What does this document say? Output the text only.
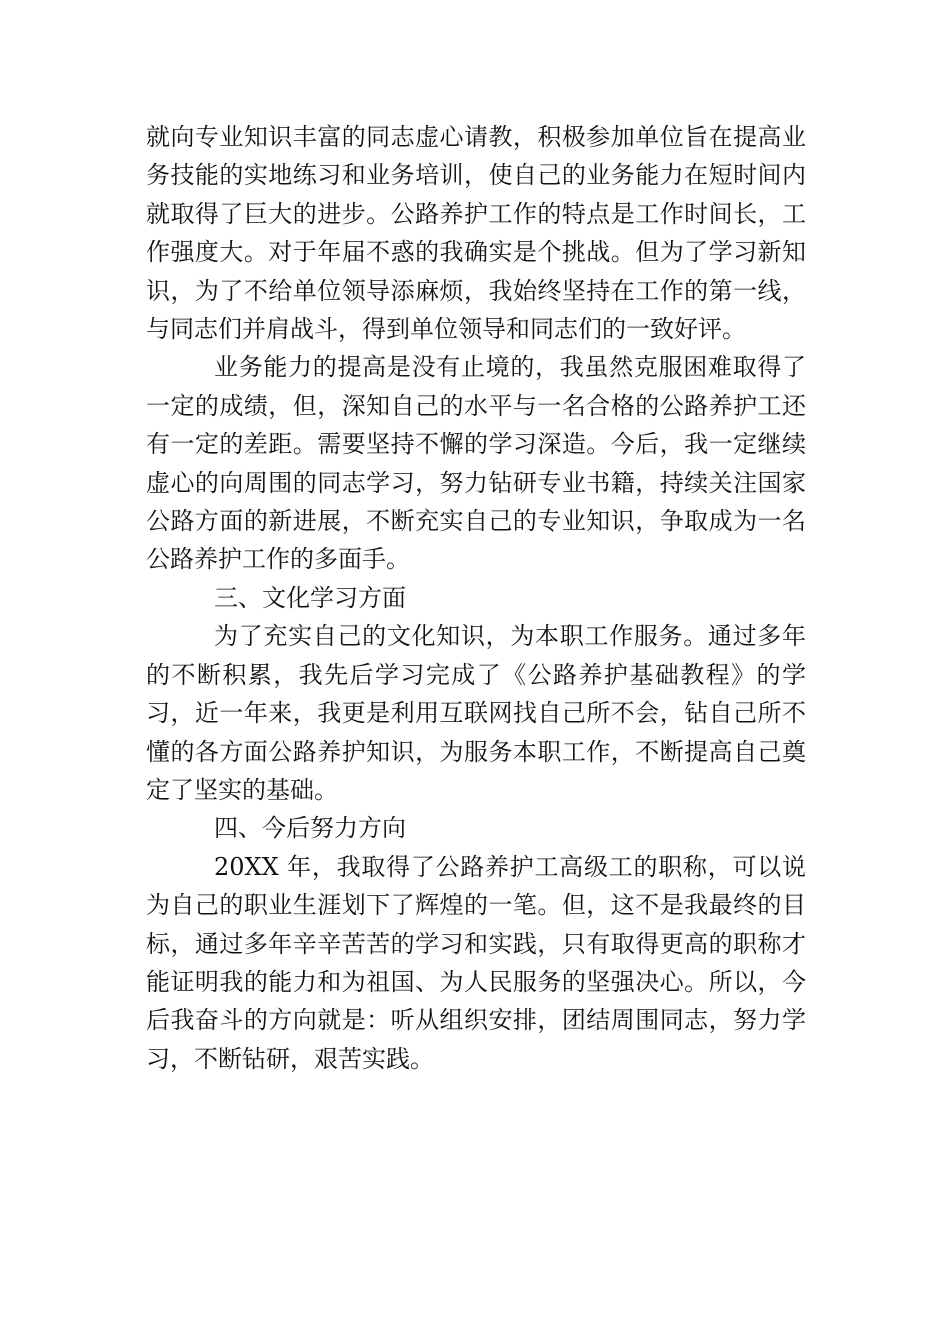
就向专业知识丰富的同志虚心请教，积极参加单位旨在提高业务技能的实地练习和业务培训，使自己的业务能力在短时间内就取得了巨大的进步。公路养护工作的特点是工作时间长，工作强度大。对于年届不惑的我确实是个挑战。但为了学习新知识，为了不给单位领导添麻烦，我始终坚持在工作的第一线，与同志们并肩战斗，得到单位领导和同志们的一致好评。

业务能力的提高是没有止境的，我虽然克服困难取得了一定的成绩，但，深知自己的水平与一名合格的公路养护工还有一定的差距。需要坚持不懈的学习深造。今后，我一定继续虚心的向周围的同志学习，努力钻研专业书籍，持续关注国家公路方面的新进展，不断充实自己的专业知识，争取成为一名公路养护工作的多面手。

三、文化学习方面

为了充实自己的文化知识，为本职工作服务。通过多年的不断积累，我先后学习完成了《公路养护基础教程》的学习，近一年来，我更是利用互联网找自己所不会，钻自己所不懂的各方面公路养护知识，为服务本职工作，不断提高自己奠定了坚实的基础。

四、今后努力方向

20XX 年，我取得了公路养护工高级工的职称，可以说为自己的职业生涯划下了辉煌的一笔。但，这不是我最终的目标，通过多年辛辛苦苦的学习和实践，只有取得更高的职称才能证明我的能力和为祖国、为人民服务的坚强决心。所以，今后我奋斗的方向就是：听从组织安排，团结周围同志，努力学习，不断钻研，艰苦实践。
